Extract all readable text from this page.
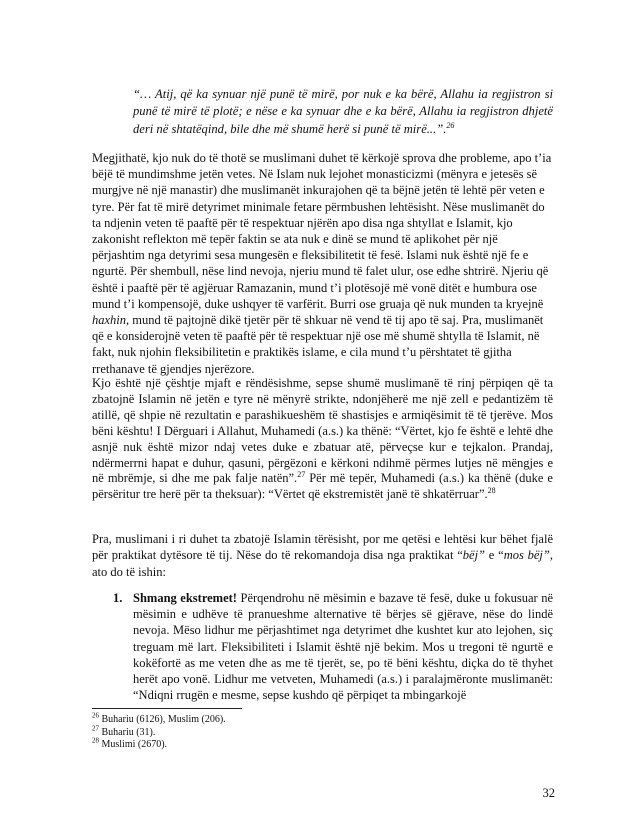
“… Atij, që ka synuar një punë të mirë, por nuk e ka bërë, Allahu ia regjistron si punë të mirë të plotë; e nëse e ka synuar dhe e ka bërë, Allahu ia regjistron dhjetë deri në shtatëqind, bile dhe më shumë herë si punë të mirë...”.$^{26}$

Megjithatë, kjo nuk do të thotë se muslimani duhet të kërkojë sprova dhe probleme, apo t’ia bëjë të mundimshme jetën vetes. Në Islam nuk lejohet monasticizmi (mënyra e jetesës së murgjve në një manastir) dhe muslimanët inkurajohen që ta bëjnë jetën të lehtë për veten e tyre. Për fat të mirë detyrimet minimale fetare përmbushen lehtësisht. Nëse muslimanët do ta ndjenin veten të paaftë për të respektuar njërën apo disa nga shtyllat e Islamit, kjo zakonisht reflekton më tepër faktin se ata nuk e dinë se mund të aplikohet për një përjashtim nga detyrimi sesa mungesën e fleksibilitetit të fesë. Islami nuk është një fe e ngurtë. Për shembull, nëse lind nevoja, njeriu mund të falet ulur, ose edhe shtrirë. Njeriu që është i paaftë për të agjëruar Ramazanin, mund t’i plotësojë më vonë ditët e humbura ose mund t’i kompensojë, duke ushqyer të varfërit. Burri ose gruaja që nuk munden ta kryejnë haxhin, mund të pajtojnë dikë tjetër për të shkuar në vend të tij apo të saj. Pra, muslimanët që e konsiderojnë veten të paaftë për të respektuar një ose më shumë shtylla të Islamit, në fakt, nuk njohin fleksibilitetin e praktikës islame, e cila mund t’u përshtatet të gjitha rrethanave të gjendjes njerëzore.

Kjo është një çështje mjaft e rëndësishme, sepse shumë muslimanë të rinj përpiqen që ta zbatojnë Islamin në jetën e tyre në mënyrë strikte, ndonjëherë me një zell e pedantizëm të atillë, që shpie në rezultatin e parashikueshëm të shastisjes e armiqësimit të të tjerëve. Mos bëni kështu! I Dërguari i Allahut, Muhamedi (a.s.) ka thënë: “Vërtet, kjo fe është e lehtë dhe asnjë nuk është mizor ndaj vetes duke e zbatuar atë, përveçse kur e tejkalon. Prandaj, ndërmerrni hapat e duhur, qasuni, përgëzoni e kërkoni ndihmë përmes lutjes në mëngjes e në mbrëmje, si dhe me pak falje natën”.$^{27}$ Për më tepër, Muhamedi (a.s.) ka thënë (duke e përsëritur tre herë për ta theksuar): “Vërtet që ekstremistët janë të shkatërruar”.$^{28}$

Pra, muslimani i ri duhet ta zbatojë Islamin tërësisht, por me qetësi e lehtësi kur bëhet fjalë për praktikat dytësore të tij. Nëse do të rekomandoja disa nga praktikat “bëj” e “mos bëj”, ato do të ishin:

1. Shmang ekstremet! Përqendrohu në mësimin e bazave të fesë, duke u fokusuar në mësimin e udhëve të pranueshme alternative të bërjes së gjërave, nëse do lindë nevoja. Mëso lidhur me përjashtimet nga detyrimet dhe kushtet kur ato lejohen, siç treguam më lart. Fleksibiliteti i Islamit është një bekim. Mos u tregoni të ngurtë e kokëfortë as me veten dhe as me të tjerët, se, po të bëni kështu, diçka do të thyhet herët apo vonë. Lidhur me vetveten, Muhamedi (a.s.) i paralajmëronte muslimanët: “Ndiqni rrugën e mesme, sepse kushdo që përpiqet ta mbingarkojë
$^{26}$ Buhariu (6126), Muslim (206).
$^{27}$ Buhariu (31).
$^{28}$ Muslimi (2670).
32
